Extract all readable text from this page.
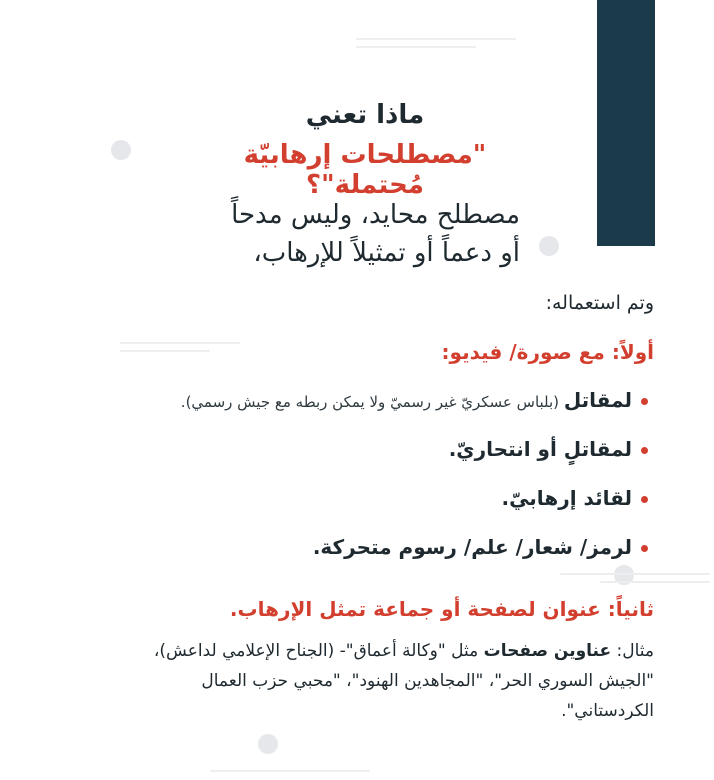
ماذا تعني
"مصطلحات إرهابيّة مُحتملة"؟
مصطلح محايد، وليس مدحاً
أو دعماً أو تمثيلاً للإرهاب،
وتم استعماله:
أولاً: مع صورة/ فيديو:
لمقاتل (بلباس عسكريّ غير رسميّ ولا يمكن ربطه مع جيش رسمي).
لمقاتلٍ أو انتحاريّ.
لقائد إرهابيّ.
لرمز/ شعار/ علم/ رسوم متحركة.
ثانياً: عنوان لصفحة أو جماعة تمثل الإرهاب.
مثال: عناوين صفحات مثل "وكالة أعماق"- (الجناح الإعلامي لداعش)، "الجيش السوري الحر"، "المجاهدين الهنود"، "محبي حزب العمال الكردستاني".
